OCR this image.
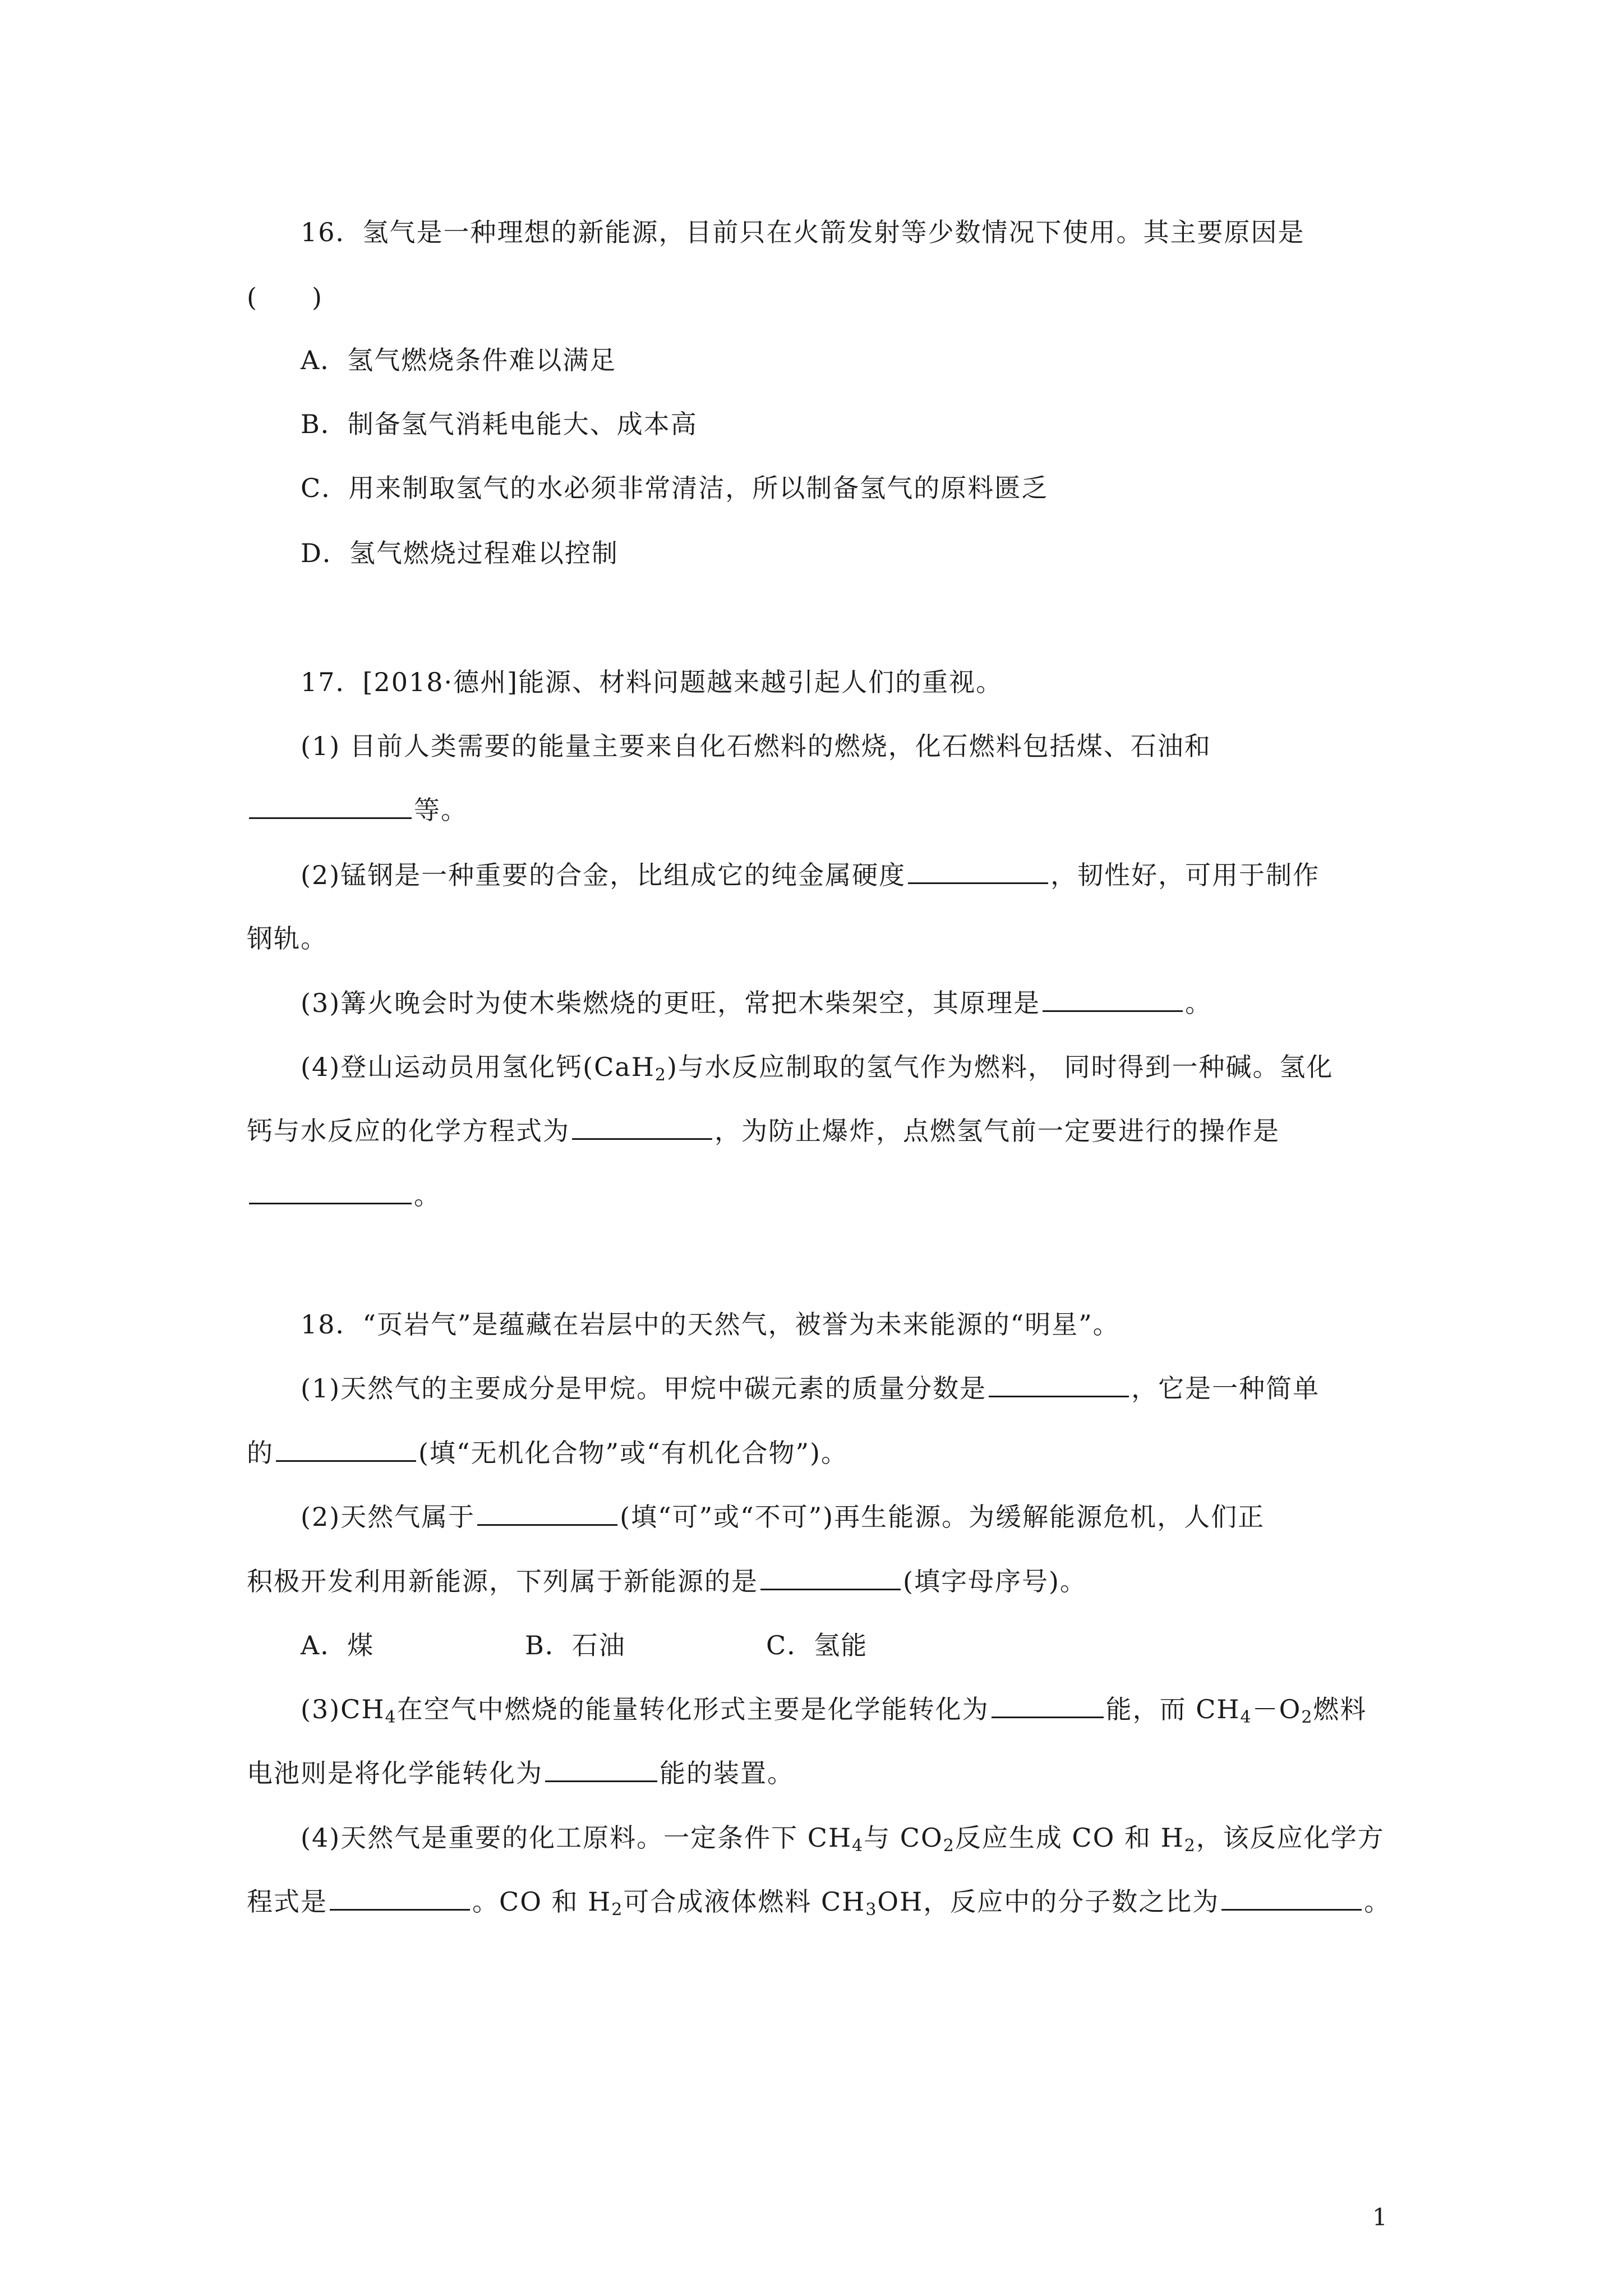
16．氢气是一种理想的新能源，目前只在火箭发射等少数情况下使用。其主要原因是
(　　)
A．氢气燃烧条件难以满足
B．制备氢气消耗电能大、成本高
C．用来制取氢气的水必须非常清洁，所以制备氢气的原料匮乏
D．氢气燃烧过程难以控制
17．[2018·德州]能源、材料问题越来越引起人们的重视。
(1) 目前人类需要的能量主要来自化石燃料的燃烧，化石燃料包括煤、石油和
等。
(2)锰钢是一种重要的合金，比组成它的纯金属硬度	，韧性好，可用于制作
钢轨。
(3)篝火晚会时为使木柴燃烧的更旺，常把木柴架空，其原理是	。
(4)登山运动员用氢化钙(CaH$_2$)与水反应制取的氢气作为燃料， 同时得到一种碱。氢化
钙与水反应的化学方程式为	，为防止爆炸，点燃氢气前一定要进行的操作是
。
18．“页岩气”是蕴藏在岩层中的天然气，被誉为未来能源的“明星”。
(1)天然气的主要成分是甲烷。甲烷中碳元素的质量分数是	，它是一种简单
的	(填“无机化合物”或“有机化合物”)。
(2)天然气属于	(填“可”或“不可”)再生能源。为缓解能源危机，人们正
积极开发利用新能源，下列属于新能源的是	(填字母序号)。
A．煤	B．石油	C．氢能
$(3)CH_4$在空气中燃烧的能量转化形式主要是化学能转化为	能，而 $CH_4-O_2$燃料
电池则是将化学能转化为	能的装置。
(4)天然气是重要的化工原料。一定条件下 $CH_4$与 $CO_2$反应生成 CO 和 $H_2$，该反应化学方
程式是	。CO 和 $H_2$可合成液体燃料 $CH_3OH$，反应中的分子数之比为	。
1
